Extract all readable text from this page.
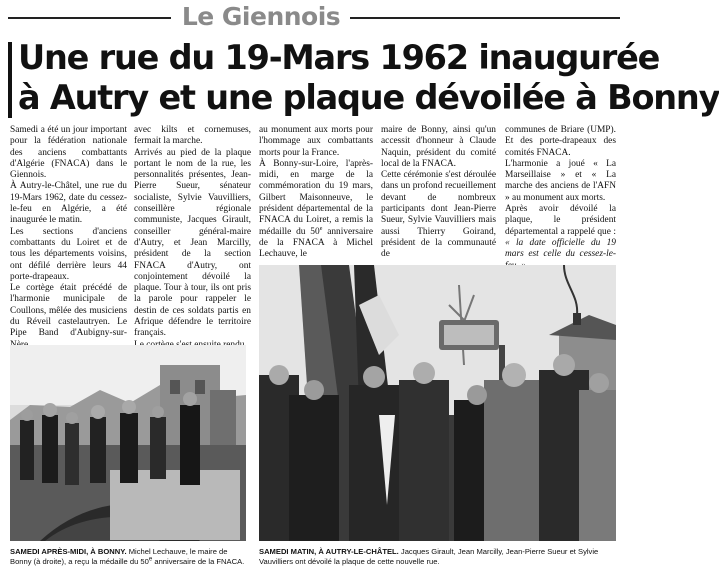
Le Giennois
Une rue du 19-Mars 1962 inaugurée
à Autry et une plaque dévoilée à Bonny

Samedi a été un jour important pour la fédération nationale des anciens combattants d'Algérie (FNACA) dans le Giennois.

À Autry-le-Châtel, une rue du 19-Mars 1962, date du cessez-le-feu en Algérie, a été inaugurée le matin.

Les sections d'anciens combattants du Loiret et de tous les départements voisins, ont défilé derrière leurs 44 porte-drapeaux.

Le cortège était précédé de l'harmonie municipale de Coullons, mêlée des musiciens du Réveil castelautryen. Le Pipe Band d'Aubigny-sur-

avec kilts et cornemuses, fermait la marche.

Arrivés au pied de la plaque portant le nom de la rue, les personnalités présentes, Jean-Pierre Sueur, sénateur socialiste, Sylvie Vauvilliers, conseillère régionale communiste, Jacques Girault, conseiller général-maire d'Autry, et Jean Marcilly, président de la section FNACA d'Autry, ont conjointement dévoilé la plaque. Tour à tour, ils ont pris la parole pour rappeler le destin de ces soldats partis en Afrique défendre le territoire français.

au monument aux morts pour l'hommage aux combattants morts pour la France.

À Bonny-sur-Loire, l'après-midi, en marge de la commémoration du 19 mars, Gilbert Maisonneuve, le président départemental de la FNACA du Loiret, a remis la médaille du 50e anniversaire de la FNACA à Michel Lechauve, le

maire de Bonny, ainsi qu'un accessit d'honneur à Claude Naquin, président du comité local de la FNACA.

Cette cérémonie s'est déroulée dans un profond recueillement devant de nombreux participants dont Jean-Pierre Sueur, Sylvie Vauvilliers mais aussi Thierry Goirand, président de la communauté de

communes de Briare (UMP). Et des porte-drapeaux des comités FNACA.

L'harmonie a joué « La Marseillaise » et « La marche des anciens de l'AFN » au monument aux morts.

Après avoir dévoilé la plaque, le président départemental a rappelé que : « la date officielle du 19 mars est celle du cessez-le-

SAMEDI APRÈS-MIDI, À BONNY. Michel Lechauve, le maire de Bonny (à droite), a reçu la médaille du 50e anniversaire de la FNACA.
SAMEDI MATIN, À AUTRY-LE-CHÂTEL. Jacques Girault, Jean Marcilly, Jean-Pierre Sueur et Sylvie Vauvilliers ont dévoilé la plaque de cette nouvelle rue.
